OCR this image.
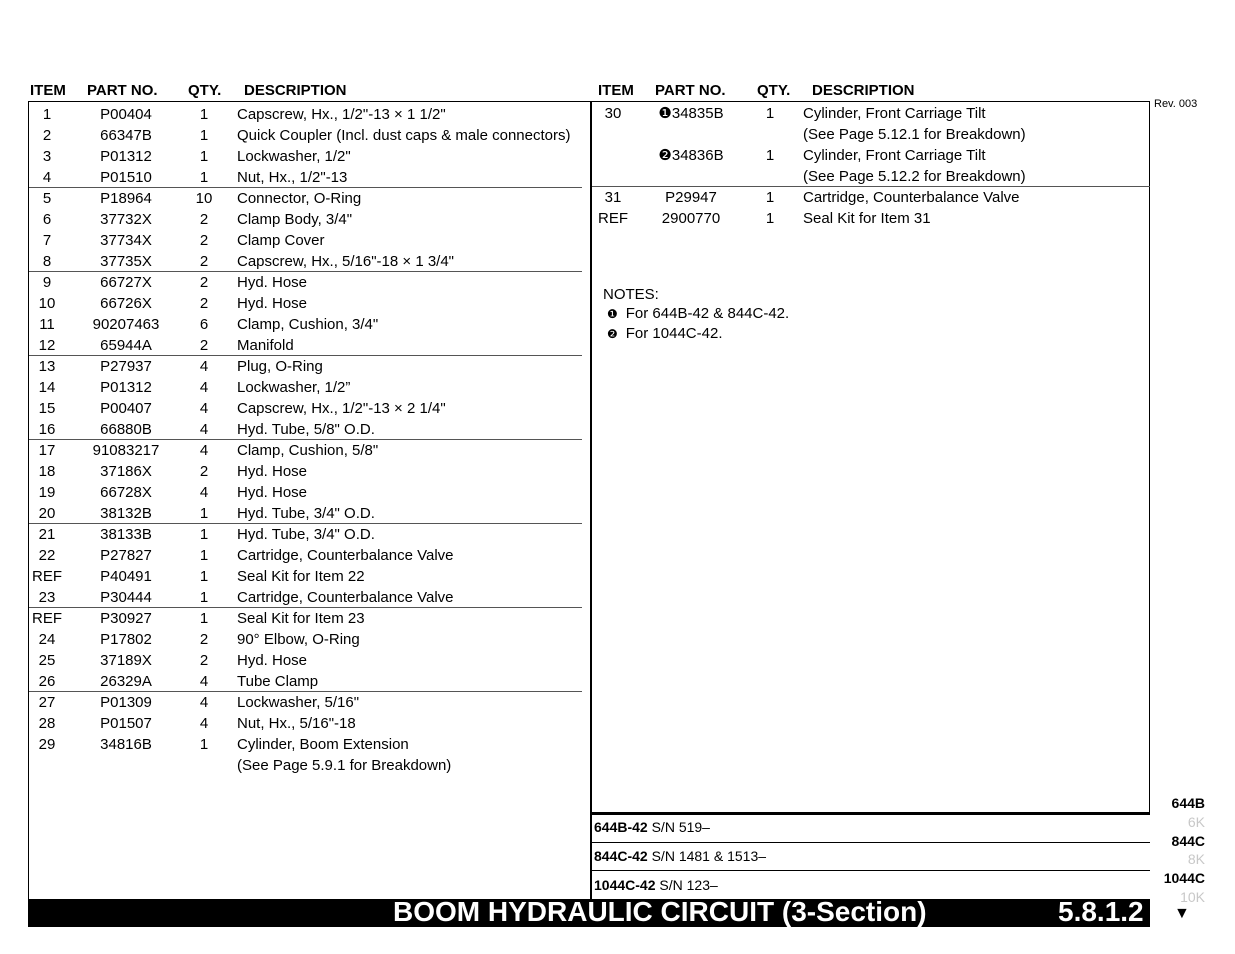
ITEM PART NO. QTY. DESCRIPTION	ITEM PART NO. QTY. DESCRIPTION
Rev. 003
1	P00404	1	Capscrew, Hx., 1/2"-13 × 1 1/2"
2	66347B	1	Quick Coupler (Incl. dust caps & male connectors)
3	P01312	1	Lockwasher, 1/2"
4	P01510	1	Nut, Hx., 1/2"-13
5	P18964	10	Connector, O-Ring
6	37732X	2	Clamp Body, 3/4"
7	37734X	2	Clamp Cover
8	37735X	2	Capscrew, Hx., 5/16"-18 × 1 3/4"
9	66727X	2	Hyd. Hose
10	66726X	2	Hyd. Hose
11	90207463	6	Clamp, Cushion, 3/4"
12	65944A	2	Manifold
13	P27937	4	Plug, O-Ring
14	P01312	4	Lockwasher, 1/2”
15	P00407	4	Capscrew, Hx., 1/2"-13 × 2 1/4"
16	66880B	4	Hyd. Tube, 5/8" O.D.
17	91083217	4	Clamp, Cushion, 5/8"
18	37186X	2	Hyd. Hose
19	66728X	4	Hyd. Hose
20	38132B	1	Hyd. Tube, 3/4" O.D.
21	38133B	1	Hyd. Tube, 3/4" O.D.
22	P27827	1	Cartridge, Counterbalance Valve
REF	P40491	1	Seal Kit for Item 22
23	P30444	1	Cartridge, Counterbalance Valve
REF	P30927	1	Seal Kit for Item 23
24	P17802	2	90° Elbow, O-Ring
25	37189X	2	Hyd. Hose
26	26329A	4	Tube Clamp
27	P01309	4	Lockwasher, 5/16"
28	P01507	4	Nut, Hx., 5/16"-18
29	34816B	1	Cylinder, Boom Extension
(See Page 5.9.1 for Breakdown)
30	❶34835B	1	Cylinder, Front Carriage Tilt
(See Page 5.12.1 for Breakdown)
❷34836B	1	Cylinder, Front Carriage Tilt
(See Page 5.12.2 for Breakdown)
31	P29947	1	Cartridge, Counterbalance Valve
REF	2900770	1	Seal Kit for Item 31
NOTES:
❶ For 644B-42 & 844C-42.
❷ For 1044C-42.
644B-42 S/N 519–
844C-42 S/N 1481 & 1513–
1044C-42 S/N 123–
644B
6K
844C
8K
1044C
10K
▼
BOOM HYDRAULIC CIRCUIT (3-Section)	5.8.1.2
